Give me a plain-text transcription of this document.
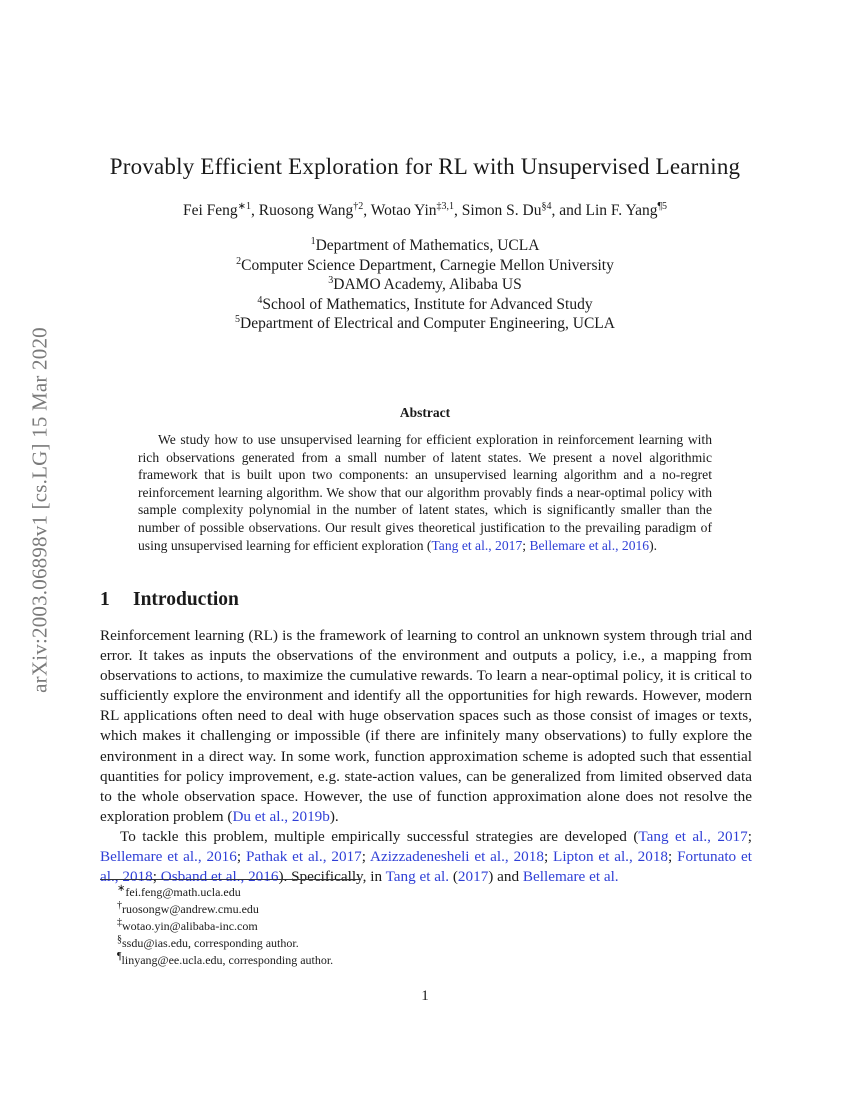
arXiv:2003.06898v1 [cs.LG] 15 Mar 2020
Provably Efficient Exploration for RL with Unsupervised Learning
Fei Feng$^{∗1}$, Ruosong Wang$^{\dagger 2}$, Wotao Yin$^{\ddagger 3,1}$, Simon S. Du$^{\S 4}$, and Lin F. Yang$^{\P 5}$
$^1$Department of Mathematics, UCLA
$^2$Computer Science Department, Carnegie Mellon University
$^3$DAMO Academy, Alibaba US
$^4$School of Mathematics, Institute for Advanced Study
$^5$Department of Electrical and Computer Engineering, UCLA
Abstract
We study how to use unsupervised learning for efficient exploration in reinforcement learning with rich observations generated from a small number of latent states. We present a novel algorithmic framework that is built upon two components: an unsupervised learning algorithm and a no-regret reinforcement learning algorithm. We show that our algorithm provably finds a near-optimal policy with sample complexity polynomial in the number of latent states, which is significantly smaller than the number of possible observations. Our result gives theoretical justification to the prevailing paradigm of using unsupervised learning for efficient exploration (Tang et al., 2017; Bellemare et al., 2016).
1 Introduction

Reinforcement learning (RL) is the framework of learning to control an unknown system through trial and error. It takes as inputs the observations of the environment and outputs a policy, i.e., a mapping from observations to actions, to maximize the cumulative rewards. To learn a near-optimal policy, it is critical to sufficiently explore the environment and identify all the opportunities for high rewards. However, modern RL applications often need to deal with huge observation spaces such as those consist of images or texts, which makes it challenging or impossible (if there are infinitely many observations) to fully explore the environment in a direct way. In some work, function approximation scheme is adopted such that essential quantities for policy improvement, e.g. state-action values, can be generalized from limited observed data to the whole observation space. However, the use of function approximation alone does not resolve the exploration problem (Du et al., 2019b).

To tackle this problem, multiple empirically successful strategies are developed (Tang et al., 2017; Bellemare et al., 2016; Pathak et al., 2017; Azizzadenesheli et al., 2018; Lipton et al., 2018; Fortunato et al., 2018; Osband et al., 2016). Specifically, in Tang et al. (2017) and Bellemare et al.

∗fei.feng@math.ucla.edu
†ruosongw@andrew.cmu.edu
‡wotao.yin@alibaba-inc.com
§ssdu@ias.edu, corresponding author.
¶linyang@ee.ucla.edu, corresponding author.
1
